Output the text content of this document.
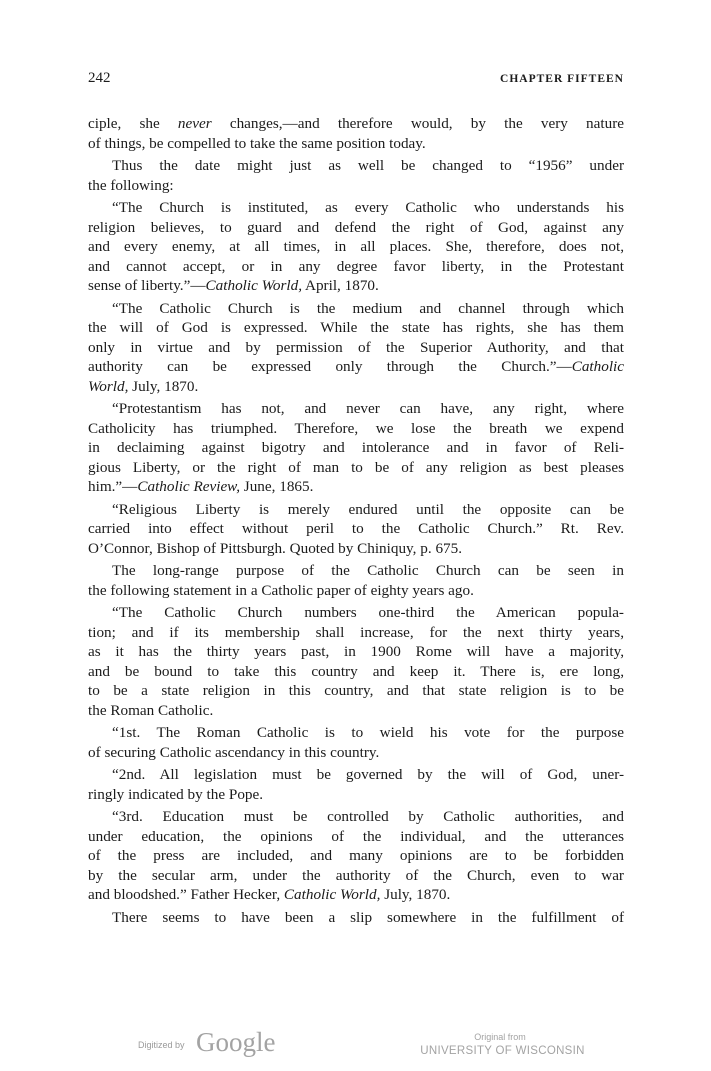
242	CHAPTER FIFTEEN

ciple, she never changes,—and therefore would, by the very nature
of things, be compelled to take the same position today.

Thus the date might just as well be changed to “1956” under
the following:

“The Church is instituted, as every Catholic who understands his
religion believes, to guard and defend the right of God, against any
and every enemy, at all times, in all places. She, therefore, does not,
and cannot accept, or in any degree favor liberty, in the Protestant
sense of liberty.”—Catholic World, April, 1870.

“The Catholic Church is the medium and channel through which
the will of God is expressed. While the state has rights, she has them
only in virtue and by permission of the Superior Authority, and that
authority can be expressed only through the Church.”—Catholic
World, July, 1870.

“Protestantism has not, and never can have, any right, where
Catholicity has triumphed. Therefore, we lose the breath we expend
in declaiming against bigotry and intolerance and in favor of Reli-
gious Liberty, or the right of man to be of any religion as best pleases
him.”—Catholic Review, June, 1865.

“Religious Liberty is merely endured until the opposite can be
carried into effect without peril to the Catholic Church.” Rt. Rev.
O’Connor, Bishop of Pittsburgh. Quoted by Chiniquy, p. 675.

The long-range purpose of the Catholic Church can be seen in
the following statement in a Catholic paper of eighty years ago.

“The Catholic Church numbers one-third the American popula-
tion; and if its membership shall increase, for the next thirty years,
as it has the thirty years past, in 1900 Rome will have a majority,
and be bound to take this country and keep it. There is, ere long,
to be a state religion in this country, and that state religion is to be
the Roman Catholic.

“1st. The Roman Catholic is to wield his vote for the purpose
of securing Catholic ascendancy in this country.

“2nd. All legislation must be governed by the will of God, uner-
ringly indicated by the Pope.

“3rd. Education must be controlled by Catholic authorities, and
under education, the opinions of the individual, and the utterances
of the press are included, and many opinions are to be forbidden
by the secular arm, under the authority of the Church, even to war
and bloodshed.” Father Hecker, Catholic World, July, 1870.

There seems to have been a slip somewhere in the fulfillment of

Digitized by Google	Original from
UNIVERSITY OF WISCONSIN
